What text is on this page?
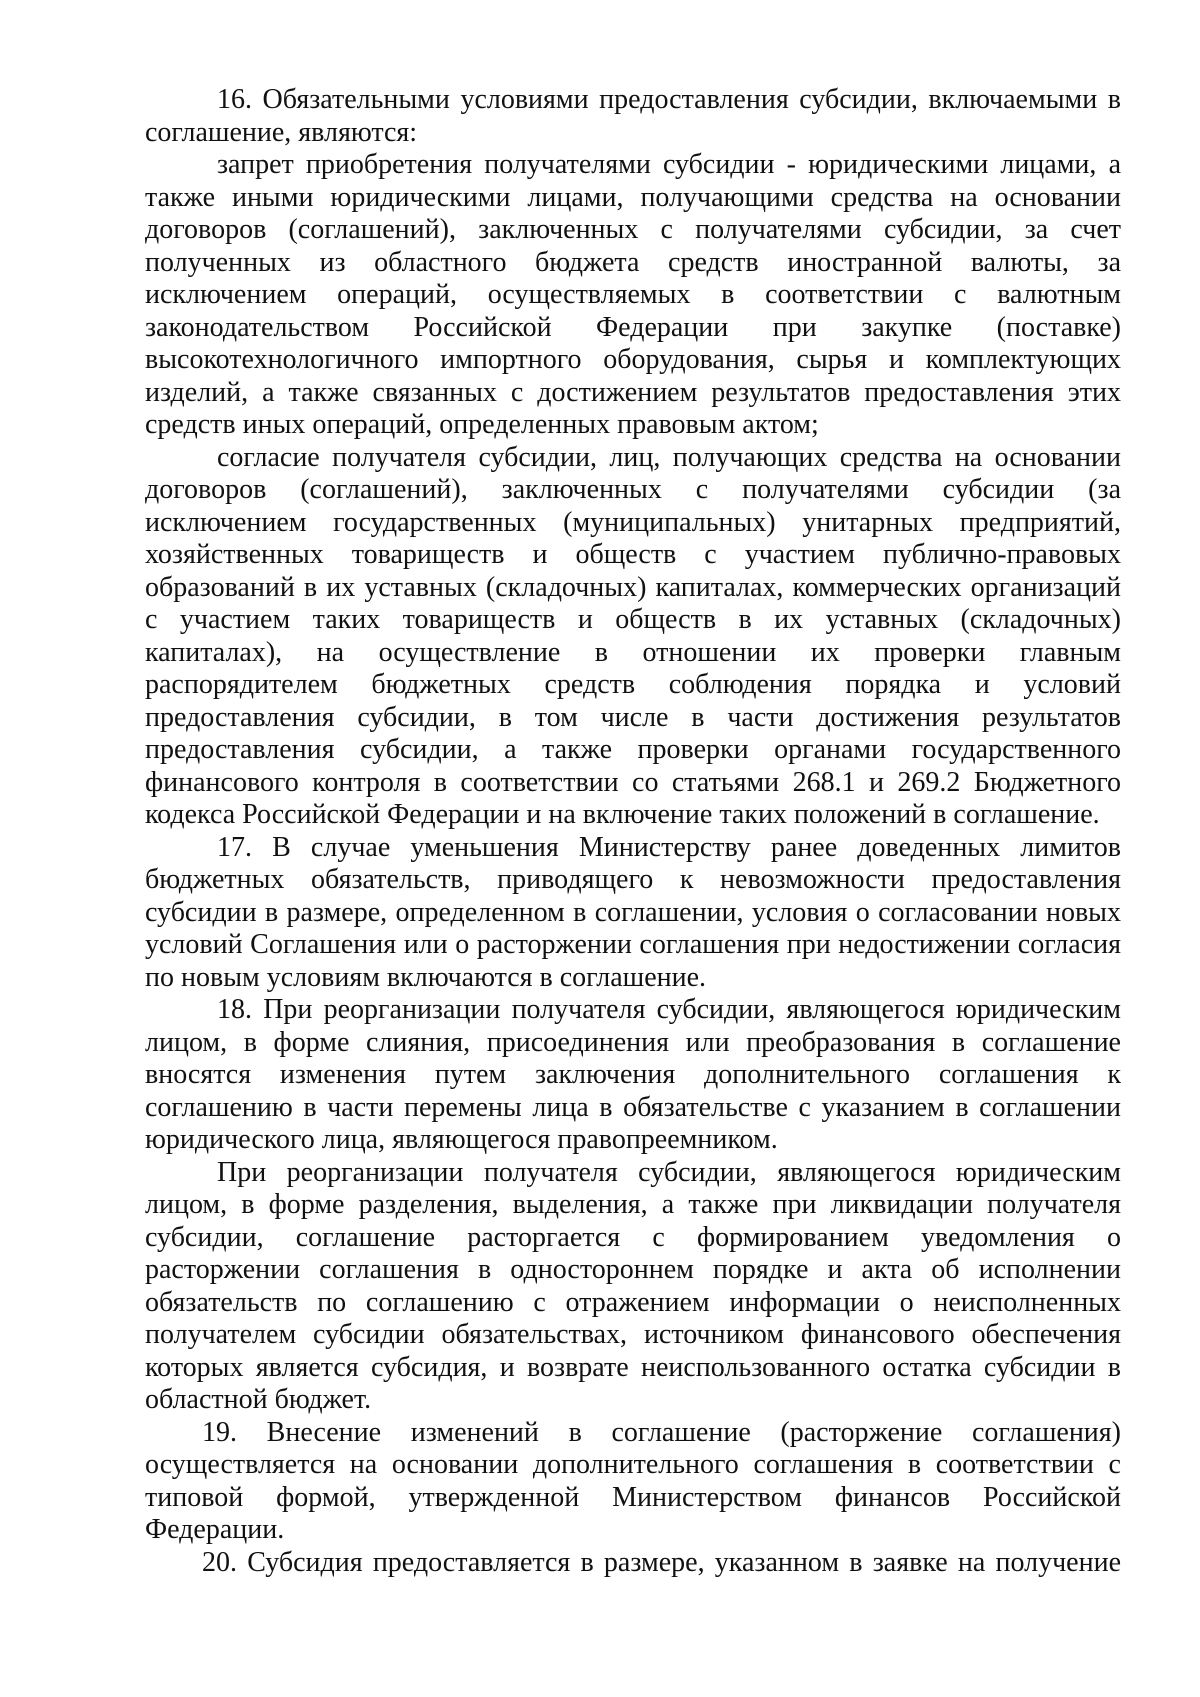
16. Обязательными условиями предоставления субсидии, включаемыми в соглашение, являются:

запрет приобретения получателями субсидии - юридическими лицами, а также иными юридическими лицами, получающими средства на основании договоров (соглашений), заключенных с получателями субсидии, за счет полученных из областного бюджета средств иностранной валюты, за исключением операций, осуществляемых в соответствии с валютным законодательством Российской Федерации при закупке (поставке) высокотехнологичного импортного оборудования, сырья и комплектующих изделий, а также связанных с достижением результатов предоставления этих средств иных операций, определенных правовым актом;

согласие получателя субсидии, лиц, получающих средства на основании договоров (соглашений), заключенных с получателями субсидии (за исключением государственных (муниципальных) унитарных предприятий, хозяйственных товариществ и обществ с участием публично-правовых образований в их уставных (складочных) капиталах, коммерческих организаций с участием таких товариществ и обществ в их уставных (складочных) капиталах), на осуществление в отношении их проверки главным распорядителем бюджетных средств соблюдения порядка и условий предоставления субсидии, в том числе в части достижения результатов предоставления субсидии, а также проверки органами государственного финансового контроля в соответствии со статьями 268.1 и 269.2 Бюджетного кодекса Российской Федерации и на включение таких положений в соглашение.

17. В случае уменьшения Министерству ранее доведенных лимитов бюджетных обязательств, приводящего к невозможности предоставления субсидии в размере, определенном в соглашении, условия о согласовании новых условий Соглашения или о расторжении соглашения при недостижении согласия по новым условиям включаются в соглашение.

18. При реорганизации получателя субсидии, являющегося юридическим лицом, в форме слияния, присоединения или преобразования в соглашение вносятся изменения путем заключения дополнительного соглашения к соглашению в части перемены лица в обязательстве с указанием в соглашении юридического лица, являющегося правопреемником.

При реорганизации получателя субсидии, являющегося юридическим лицом, в форме разделения, выделения, а также при ликвидации получателя субсидии, соглашение расторгается с формированием уведомления о расторжении соглашения в одностороннем порядке и акта об исполнении обязательств по соглашению с отражением информации о неисполненных получателем субсидии обязательствах, источником финансового обеспечения которых является субсидия, и возврате неиспользованного остатка субсидии в областной бюджет.

19. Внесение изменений в соглашение (расторжение соглашения) осуществляется на основании дополнительного соглашения в соответствии с типовой формой, утвержденной Министерством финансов Российской Федерации.

20. Субсидия предоставляется в размере, указанном в заявке на получение
